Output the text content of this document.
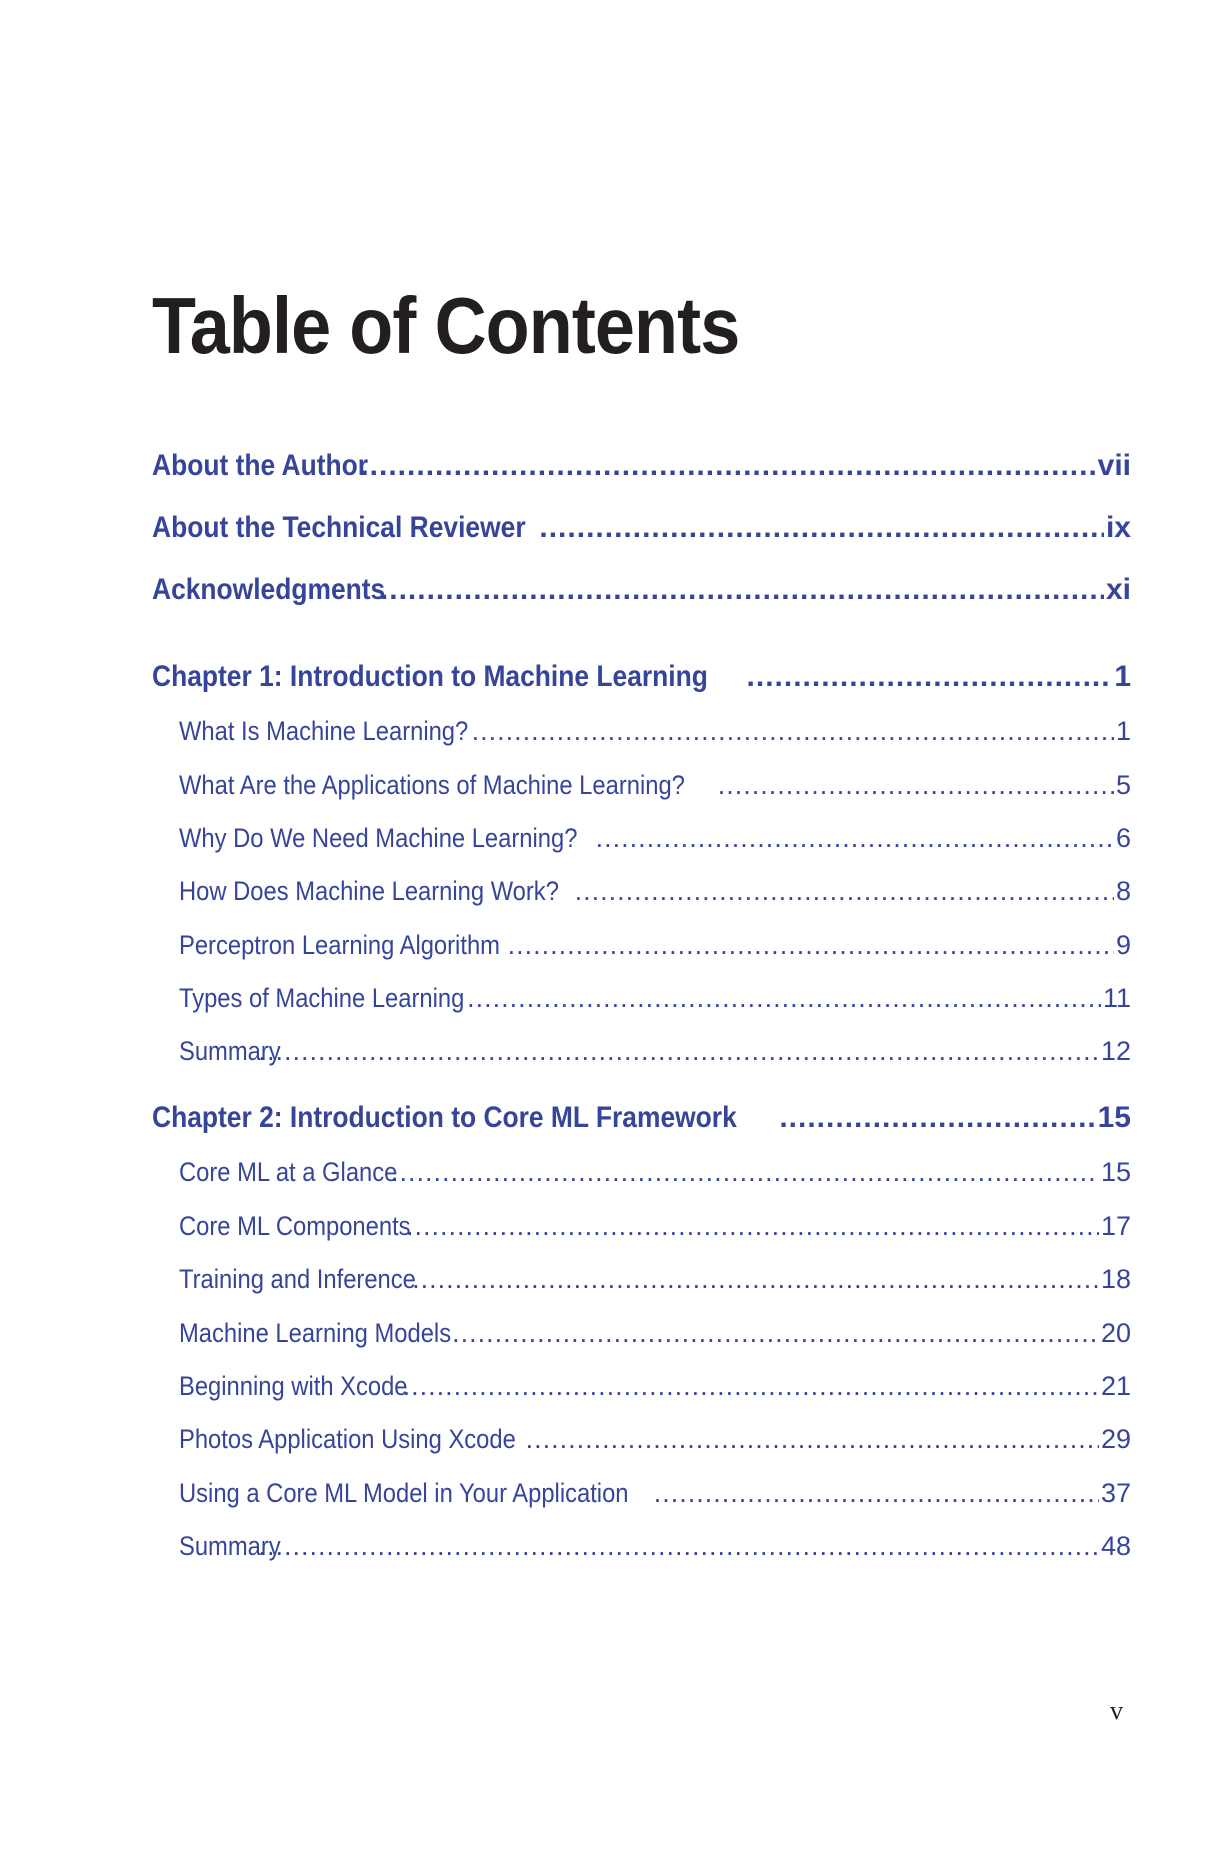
Table of Contents
About the Author .....	vii
About the Technical Reviewer .....	ix
Acknowledgments .....	xi
Chapter 1: Introduction to Machine Learning .....	1
What Is Machine Learning? .....	1
What Are the Applications of Machine Learning? .....	5
Why Do We Need Machine Learning? .....	6
How Does Machine Learning Work? .....	8
Perceptron Learning Algorithm .....	9
Types of Machine Learning .....	11
Summary .....	12
Chapter 2: Introduction to Core ML Framework .....	15
Core ML at a Glance .....	15
Core ML Components .....	17
Training and Inference .....	18
Machine Learning Models .....	20
Beginning with Xcode .....	21
Photos Application Using Xcode .....	29
Using a Core ML Model in Your Application .....	37
Summary .....	48
v
